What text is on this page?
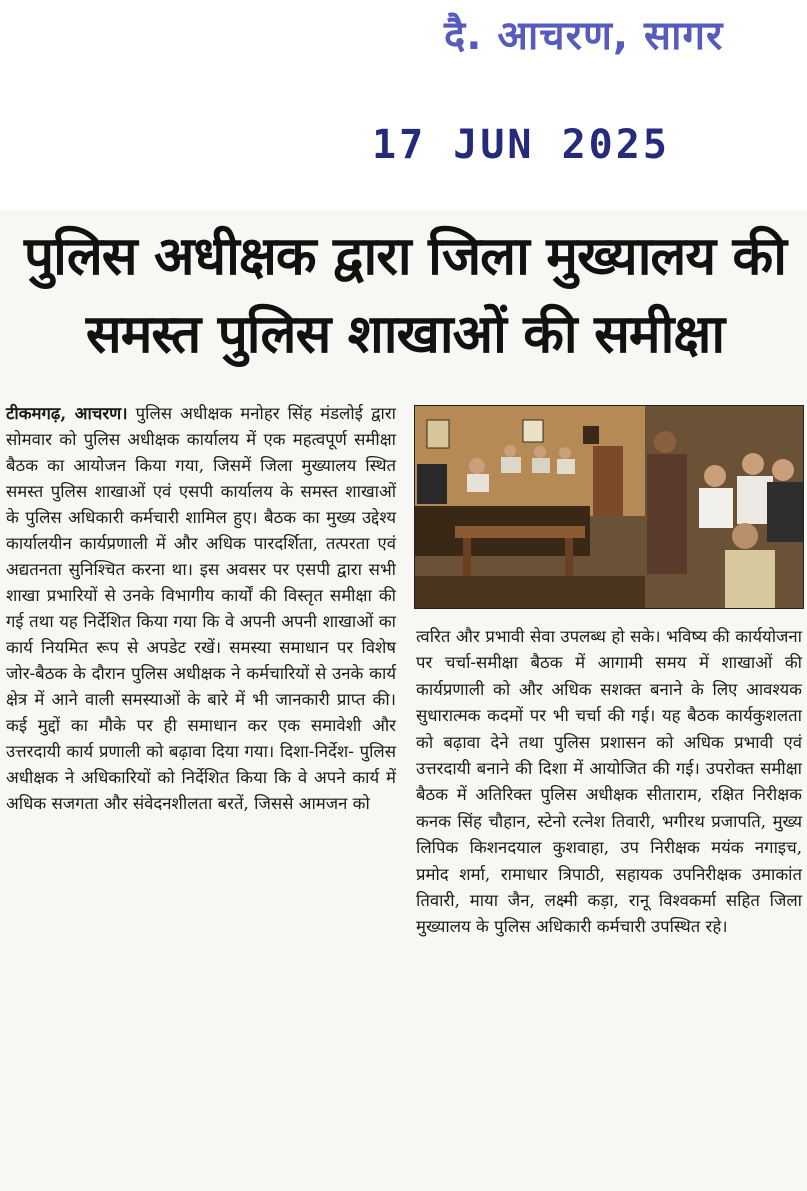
दै. आचरण, सागर
17 JUN 2025
पुलिस अधीक्षक द्वारा जिला मुख्यालय की समस्त पुलिस शाखाओं की समीक्षा
टीकमगढ़, आचरण। पुलिस अधीक्षक मनोहर सिंह मंडलोई द्वारा सोमवार को पुलिस अधीक्षक कार्यालय में एक महत्वपूर्ण समीक्षा बैठक का आयोजन किया गया, जिसमें जिला मुख्यालय स्थित समस्त पुलिस शाखाओं एवं एसपी कार्यालय के समस्त शाखाओं के पुलिस अधिकारी कर्मचारी शामिल हुए। बैठक का मुख्य उद्देश्य कार्यालयीन कार्यप्रणाली में और अधिक पारदर्शिता, तत्परता एवं अद्यतनता सुनिश्चित करना था। इस अवसर पर एसपी द्वारा सभी शाखा प्रभारियों से उनके विभागीय कार्यों की विस्तृत समीक्षा की गई तथा यह निर्देशित किया गया कि वे अपनी अपनी शाखाओं का कार्य नियमित रूप से अपडेट रखें। समस्या समाधान पर विशेष जोर-बैठक के दौरान पुलिस अधीक्षक ने कर्मचारियों से उनके कार्य क्षेत्र में आने वाली समस्याओं के बारे में भी जानकारी प्राप्त की। कई मुद्दों का मौके पर ही समाधान कर एक समावेशी और उत्तरदायी कार्य प्रणाली को बढ़ावा दिया गया। दिशा-निर्देश- पुलिस अधीक्षक ने अधिकारियों को निर्देशित किया कि वे अपने कार्य में अधिक सजगता और संवेदनशीलता बरतें, जिससे आमजन को
त्वरित और प्रभावी सेवा उपलब्ध हो सके। भविष्य की कार्ययोजना पर चर्चा-समीक्षा बैठक में आगामी समय में शाखाओं की कार्यप्रणाली को और अधिक सशक्त बनाने के लिए आवश्यक सुधारात्मक कदमों पर भी चर्चा की गई। यह बैठक कार्यकुशलता को बढ़ावा देने तथा पुलिस प्रशासन को अधिक प्रभावी एवं उत्तरदायी बनाने की दिशा में आयोजित की गई। उपरोक्त समीक्षा बैठक में अतिरिक्त पुलिस अधीक्षक सीताराम, रक्षित निरीक्षक कनक सिंह चौहान, स्टेनो रत्नेश तिवारी, भगीरथ प्रजापति, मुख्य लिपिक किशनदयाल कुशवाहा, उप निरीक्षक मयंक नगाइच, प्रमोद शर्मा, रामाधार त्रिपाठी, सहायक उपनिरीक्षक उमाकांत तिवारी, माया जैन, लक्ष्मी कड़ा, रानू विश्वकर्मा सहित जिला मुख्यालय के पुलिस अधिकारी कर्मचारी उपस्थित रहे।
